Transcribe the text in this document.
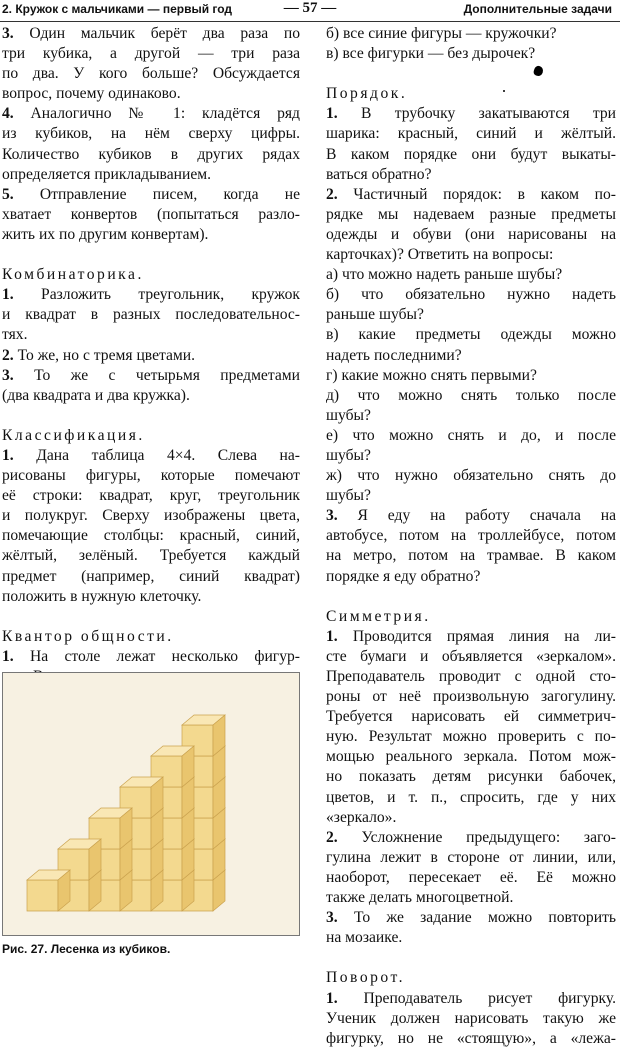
2. Кружок с мальчиками — первый год	— 57 —	Дополнительные задачи
3. Один мальчик берёт два раза по
три кубика, а другой — три раза
по два. У кого больше? Обсуждается
вопрос, почему одинаково.
4. Аналогично № 1: кладётся ряд
из кубиков, на нём сверху цифры.
Количество кубиков в других рядах
определяется прикладыванием.
5. Отправление писем, когда не
хватает конвертов (попытаться разло-
жить их по другим конвертам).
Комбинаторика.
1. Разложить треугольник, кружок
и квадрат в разных последовательнос-
тях.
2. То же, но с тремя цветами.
3. То же с четырьмя предметами
(два квадрата и два кружка).
Классификация.
1. Дана таблица 4×4. Слева на-
рисованы фигуры, которые помечают
её строки: квадрат, круг, треугольник
и полукруг. Сверху изображены цвета,
помечающие столбцы: красный, синий,
жёлтый, зелёный. Требуется каждый
предмет (например, синий квадрат)
положить в нужную клеточку.
Квантор общности.
1. На столе лежат несколько фигур-
б) все синие фигуры — кружочки?
в) все фигурки — без дырочек?
Порядок.
1. В трубочку закатываются три
шарика: красный, синий и жёлтый.
В каком порядке они будут выкаты-
ваться обратно?
2. Частичный порядок: в каком по-
рядке мы надеваем разные предметы
одежды и обуви (они нарисованы на
карточках)? Ответить на вопросы:
а) что можно надеть раньше шубы?
б) что обязательно нужно надеть
раньше шубы?
в) какие предметы одежды можно
надеть последними?
г) какие можно снять первыми?
д) что можно снять только после
шубы?
е) что можно снять и до, и после
шубы?
ж) что нужно обязательно снять до
шубы?
3. Я еду на работу сначала на
автобусе, потом на троллейбусе, потом
на метро, потом на трамвае. В каком
порядке я еду обратно?
Симметрия.
1. Проводится прямая линия на ли-
сте бумаги и объявляется «зеркалом».
Преподаватель проводит с одной сто-
роны от неё произвольную загогулину.
Требуется нарисовать ей симметрич-
ную. Результат можно проверить с по-
мощью реального зеркала. Потом мож-
но показать детям рисунки бабочек,
цветов, и т. п., спросить, где у них
«зеркало».
2. Усложнение предыдущего: заго-
гулина лежит в стороне от линии, или,
наоборот, пересекает её. Её можно
также делать многоцветной.
3. То же задание можно повторить
на мозаике.
Поворот.
1. Преподаватель рисует фигурку.
Ученик должен нарисовать такую же
фигурку, но не «стоящую», а «лежа-
Рис. 27. Лесенка из кубиков.
